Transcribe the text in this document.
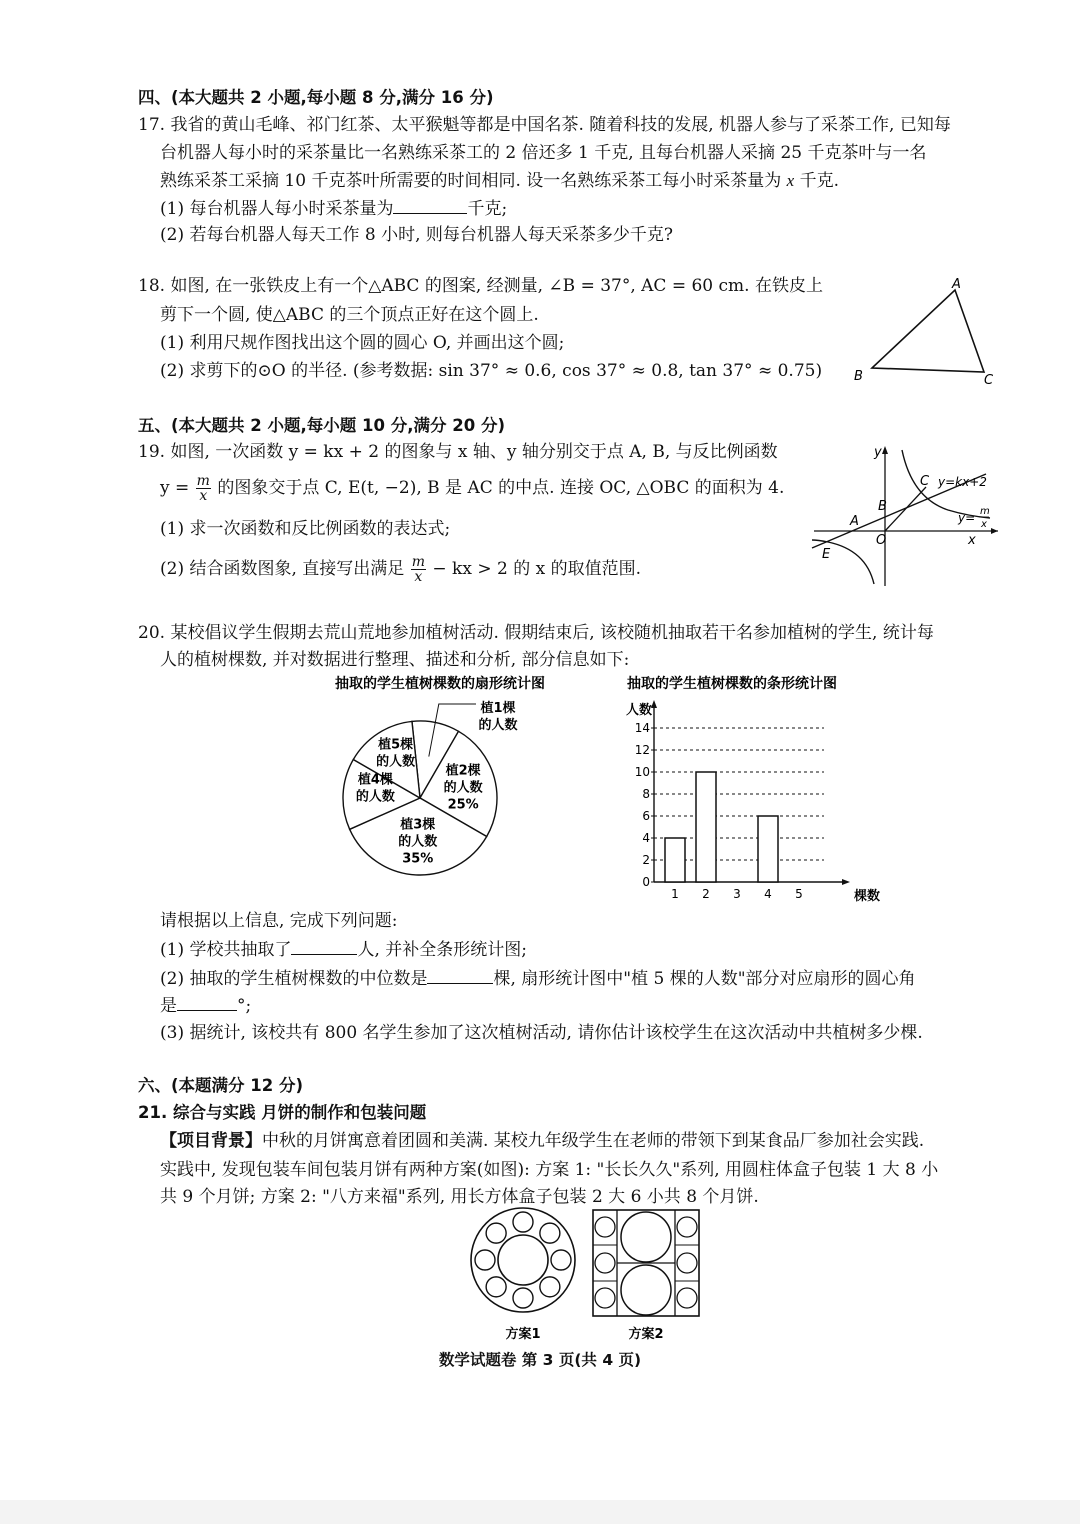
四、(本大题共 2 小题,每小题 8 分,满分 16 分)
17. 我省的黄山毛峰、祁门红茶、太平猴魁等都是中国名茶. 随着科技的发展, 机器人参与了采茶工作, 已知每
台机器人每小时的采茶量比一名熟练采茶工的 2 倍还多 1 千克, 且每台机器人采摘 25 千克茶叶与一名
熟练采茶工采摘 10 千克茶叶所需要的时间相同. 设一名熟练采茶工每小时采茶量为 x 千克.
(1) 每台机器人每小时采茶量为	千克;
(2) 若每台机器人每天工作 8 小时, 则每台机器人每天采茶多少千克?
18. 如图, 在一张铁皮上有一个△ABC 的图案, 经测量, ∠B = 37°, AC = 60 cm. 在铁皮上
剪下一个圆, 使△ABC 的三个顶点正好在这个圆上.
(1) 利用尺规作图找出这个圆的圆心 O, 并画出这个圆;
(2) 求剪下的⊙O 的半径. (参考数据: sin 37° ≈ 0.6, cos 37° ≈ 0.8, tan 37° ≈ 0.75)
A
B	C
五、(本大题共 2 小题,每小题 10 分,满分 20 分)
19. 如图, 一次函数 y = kx + 2 的图象与 x 轴、y 轴分别交于点 A, B, 与反比例函数
$y = \frac{m}{x}$ 的图象交于点 C, E(t, −2), B 是 AC 的中点. 连接 OC, △OBC 的面积为 4.
(1) 求一次函数和反比例函数的表达式;
(2) 结合函数图象, 直接写出满足 $\frac{m}{x}$ − kx > 2 的 x 的取值范围.
y
x
A
B
C
O
E
y=kx+2
y= m
x
20. 某校倡议学生假期去荒山荒地参加植树活动. 假期结束后, 该校随机抽取若干名参加植树的学生, 统计每
人的植树棵数, 并对数据进行整理、描述和分析, 部分信息如下:
抽取的学生植树棵数的扇形统计图
植1棵
的人数
植2棵
的人数
25%
植3棵
的人数
35%
植4棵
的人数
植5棵
的人数
抽取的学生植树棵数的条形统计图
人数
棵数
0
2
4
6
8
10
12
14
1 2 3 4 5
请根据以上信息, 完成下列问题:
(1) 学校共抽取了	人, 并补全条形统计图;
(2) 抽取的学生植树棵数的中位数是	棵, 扇形统计图中"植 5 棵的人数"部分对应扇形的圆心角
是	°;
(3) 据统计, 该校共有 800 名学生参加了这次植树活动, 请你估计该校学生在这次活动中共植树多少棵.
六、(本题满分 12 分)
21. 综合与实践 月饼的制作和包装问题
【项目背景】中秋的月饼寓意着团圆和美满. 某校九年级学生在老师的带领下到某食品厂参加社会实践.
实践中, 发现包装车间包装月饼有两种方案(如图): 方案 1: "长长久久"系列, 用圆柱体盒子包装 1 大 8 小
共 9 个月饼; 方案 2: "八方来福"系列, 用长方体盒子包装 2 大 6 小共 8 个月饼.
方案1	方案2
数学试题卷 第 3 页(共 4 页)
